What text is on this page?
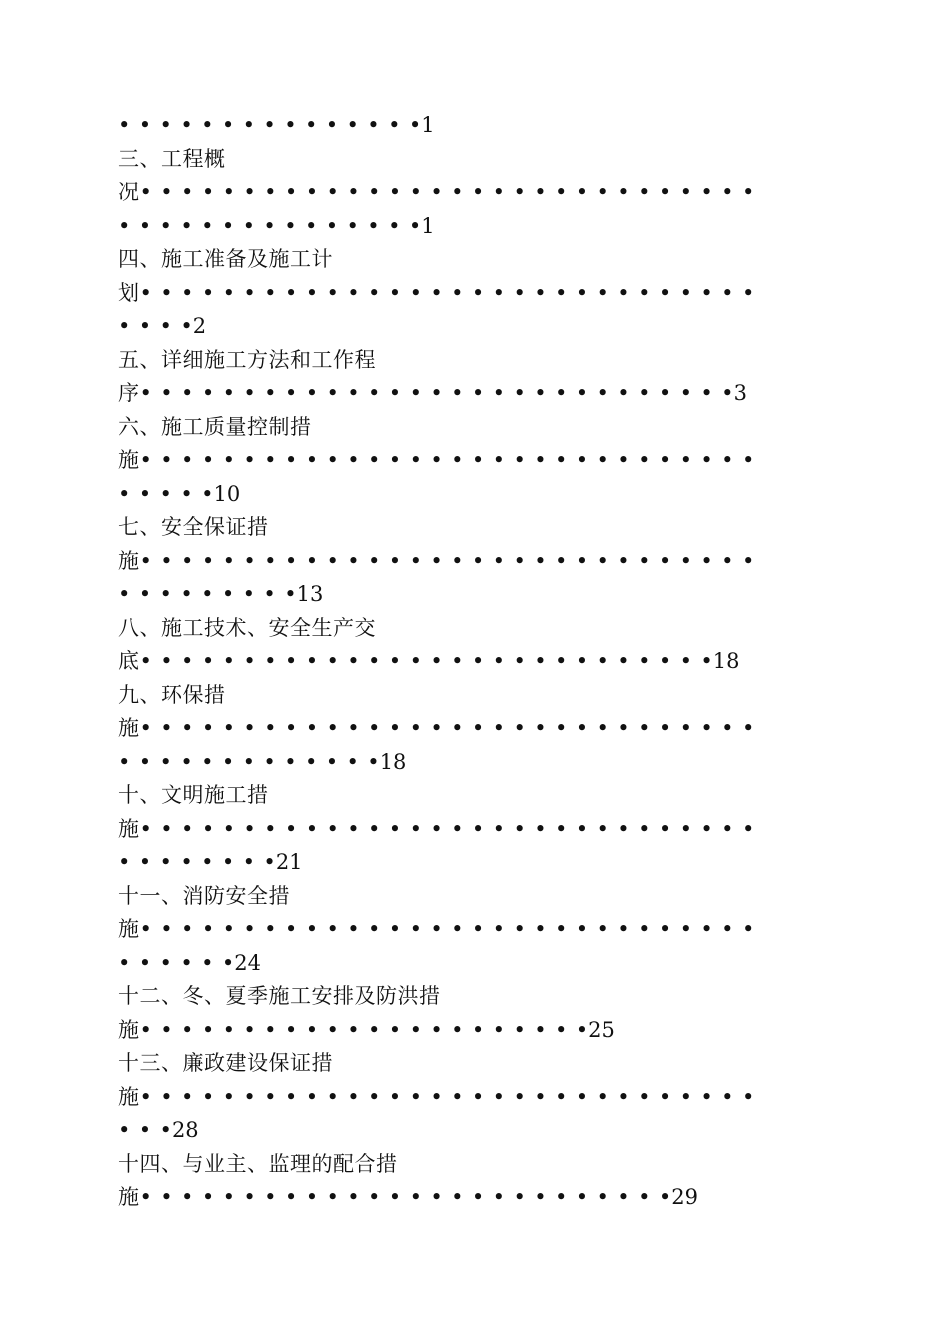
•  •  •  •  •  •  •  •  •  •  •  •  •  •  •1
三、工程概
况•  •  •  •  •  •  •  •  •  •  •  •  •  •  •  •  •  •  •  •  •  •  •  •  •  •  •  •  •  •
•  •  •  •  •  •  •  •  •  •  •  •  •  •  •1
四、施工准备及施工计
划•  •  •  •  •  •  •  •  •  •  •  •  •  •  •  •  •  •  •  •  •  •  •  •  •  •  •  •  •  •
•  •  •  •2
五、详细施工方法和工作程
序•  •  •  •  •  •  •  •  •  •  •  •  •  •  •  •  •  •  •  •  •  •  •  •  •  •  •  •  •3
六、施工质量控制措
施•  •  •  •  •  •  •  •  •  •  •  •  •  •  •  •  •  •  •  •  •  •  •  •  •  •  •  •  •  •
•  •  •  •  •10
七、安全保证措
施•  •  •  •  •  •  •  •  •  •  •  •  •  •  •  •  •  •  •  •  •  •  •  •  •  •  •  •  •  •
•  •  •  •  •  •  •  •  •13
八、施工技术、安全生产交
底•  •  •  •  •  •  •  •  •  •  •  •  •  •  •  •  •  •  •  •  •  •  •  •  •  •  •  •18
九、环保措
施•  •  •  •  •  •  •  •  •  •  •  •  •  •  •  •  •  •  •  •  •  •  •  •  •  •  •  •  •  •
•  •  •  •  •  •  •  •  •  •  •  •  •18
十、文明施工措
施•  •  •  •  •  •  •  •  •  •  •  •  •  •  •  •  •  •  •  •  •  •  •  •  •  •  •  •  •  •
•  •  •  •  •  •  •  •21
十一、消防安全措
施•  •  •  •  •  •  •  •  •  •  •  •  •  •  •  •  •  •  •  •  •  •  •  •  •  •  •  •  •  •
•  •  •  •  •  •24
十二、冬、夏季施工安排及防洪措
施•  •  •  •  •  •  •  •  •  •  •  •  •  •  •  •  •  •  •  •  •  •25
十三、廉政建设保证措
施•  •  •  •  •  •  •  •  •  •  •  •  •  •  •  •  •  •  •  •  •  •  •  •  •  •  •  •  •  •
•  •  •28
十四、与业主、监理的配合措
施•  •  •  •  •  •  •  •  •  •  •  •  •  •  •  •  •  •  •  •  •  •  •  •  •  •29
